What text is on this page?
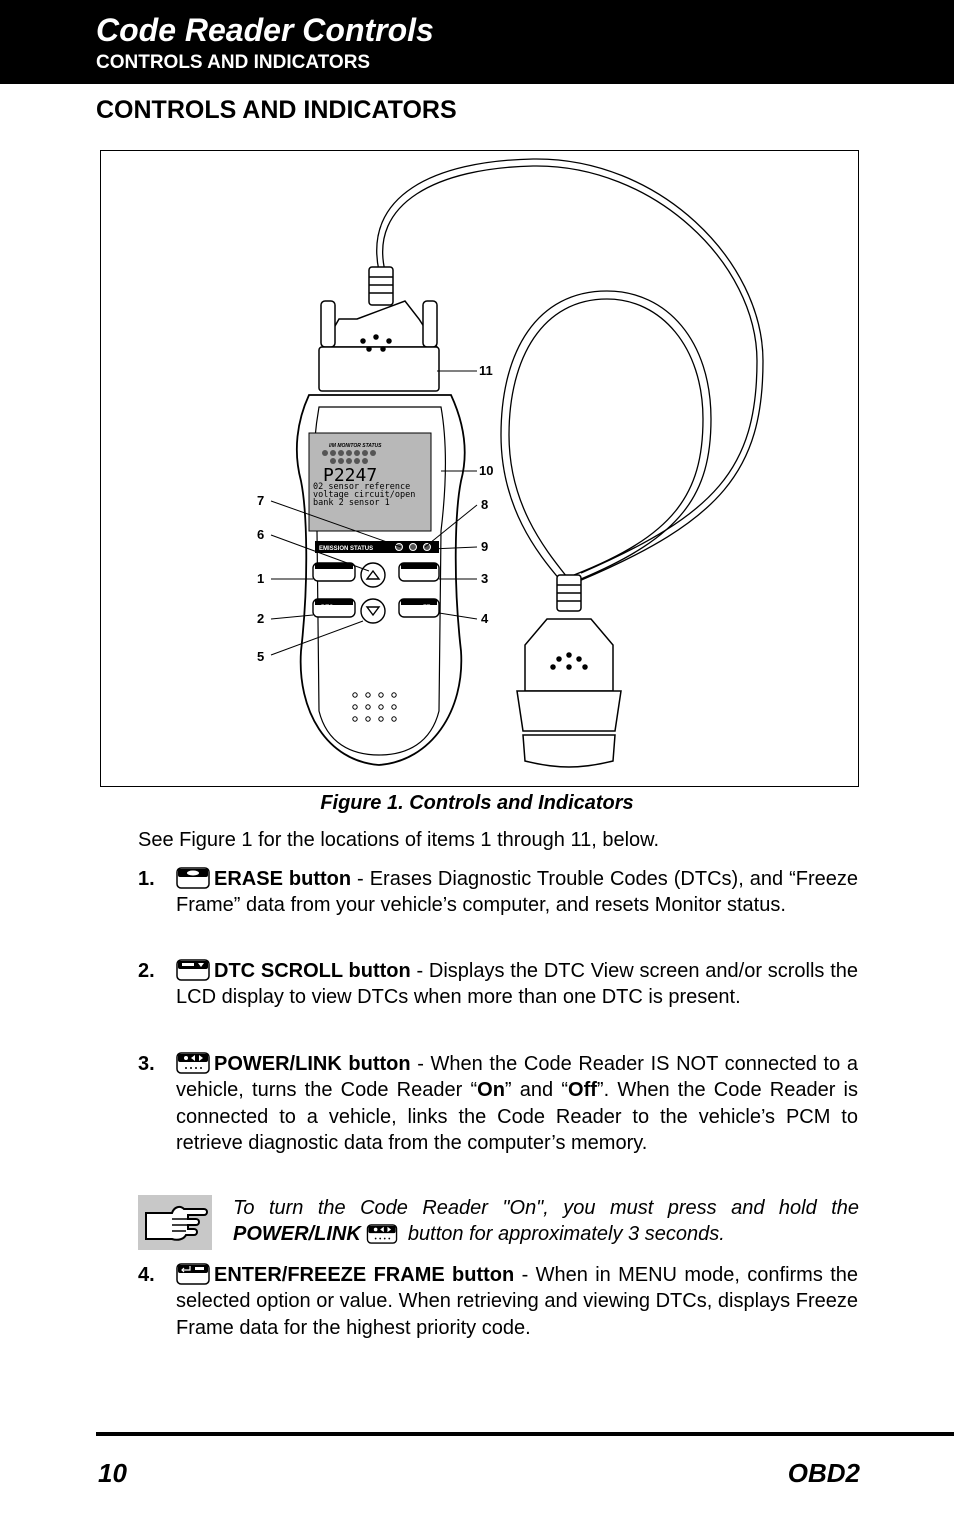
Code Reader Controls
CONTROLS AND INDICATORS
CONTROLS AND INDICATORS
I/M MONITOR STATUS
P2247
02 sensor reference
voltage circuit/open
bank 2 sensor 1
EMISSION STATUS
DTC	FF
11
10
8
9
3
4
7
6
1
2
5
Figure 1. Controls and Indicators
See Figure 1 for the locations of items 1 through 11, below.
1.	ERASE button - Erases Diagnostic Trouble Codes (DTCs), and “Freeze Frame” data from your vehicle’s computer, and resets Monitor status.
2.	DTC SCROLL button - Displays the DTC View screen and/or scrolls the LCD display to view DTCs when more than one DTC is present.
3.	POWER/LINK button - When the Code Reader IS NOT connected to a vehicle, turns the Code Reader “On” and “Off”. When the Code Reader is connected to a vehicle, links the Code Reader to the vehicle’s PCM to retrieve diagnostic data from the computer’s memory.
To turn the Code Reader "On", you must press and hold the POWER/LINK  button for approximately 3 seconds.
4.	ENTER/FREEZE FRAME button - When in MENU mode, confirms the selected option or value. When retrieving and viewing DTCs, displays Freeze Frame data for the highest priority code.
10	OBD2
